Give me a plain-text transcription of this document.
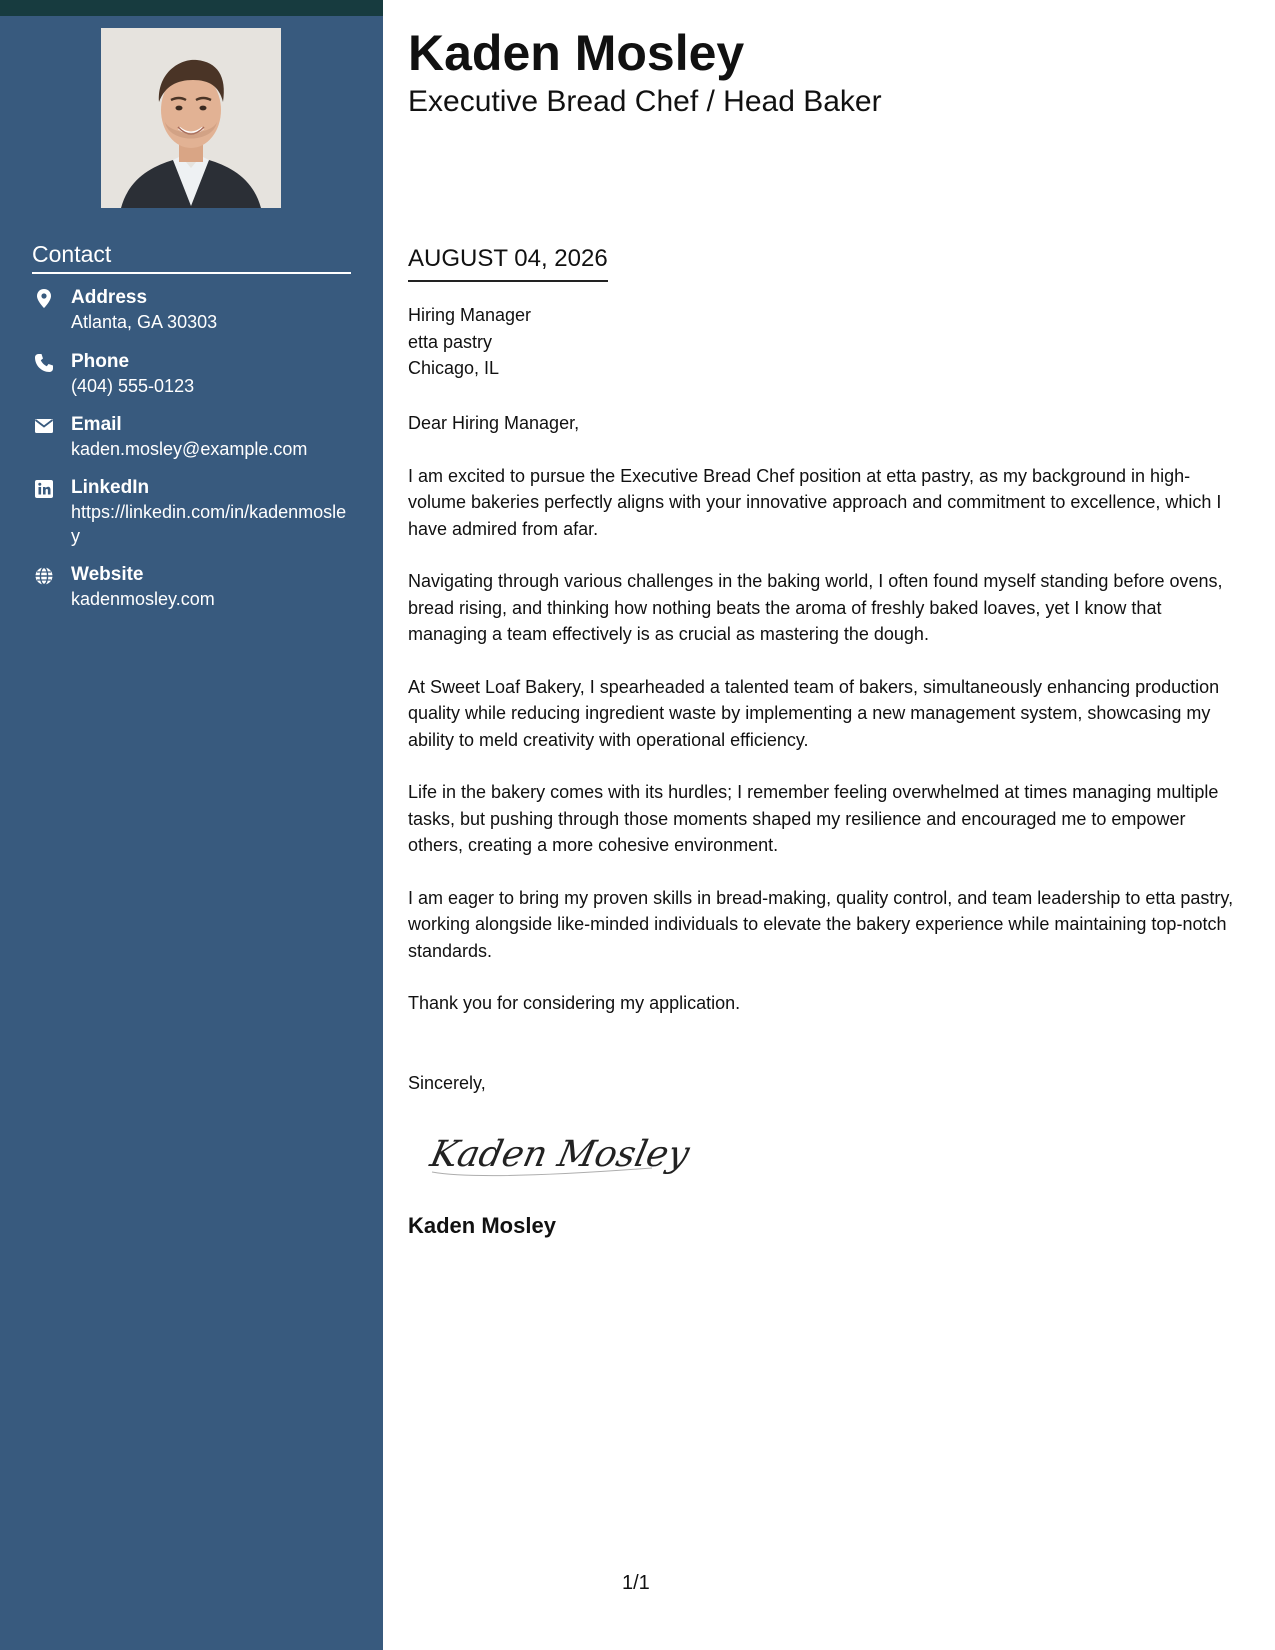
Contact
Address
Atlanta, GA 30303
Phone
(404) 555-0123
Email
kaden.mosley@example.com
LinkedIn
https://linkedin.com/in/kadenmosley
Website
kadenmosley.com
Kaden Mosley
Executive Bread Chef / Head Baker
AUGUST 04, 2026
Hiring Manager
etta pastry
Chicago, IL

Dear Hiring Manager,

I am excited to pursue the Executive Bread Chef position at etta pastry, as my background in high-volume bakeries perfectly aligns with your innovative approach and commitment to excellence, which I have admired from afar.

Navigating through various challenges in the baking world, I often found myself standing before ovens, bread rising, and thinking how nothing beats the aroma of freshly baked loaves, yet I know that managing a team effectively is as crucial as mastering the dough.

At Sweet Loaf Bakery, I spearheaded a talented team of bakers, simultaneously enhancing production quality while reducing ingredient waste by implementing a new management system, showcasing my ability to meld creativity with operational efficiency.

Life in the bakery comes with its hurdles; I remember feeling overwhelmed at times managing multiple tasks, but pushing through those moments shaped my resilience and encouraged me to empower others, creating a more cohesive environment.

I am eager to bring my proven skills in bread-making, quality control, and team leadership to etta pastry, working alongside like-minded individuals to elevate the bakery experience while maintaining top-notch standards.

Thank you for considering my application.

Sincerely,
Kaden Mosley
Kaden Mosley
1/1
